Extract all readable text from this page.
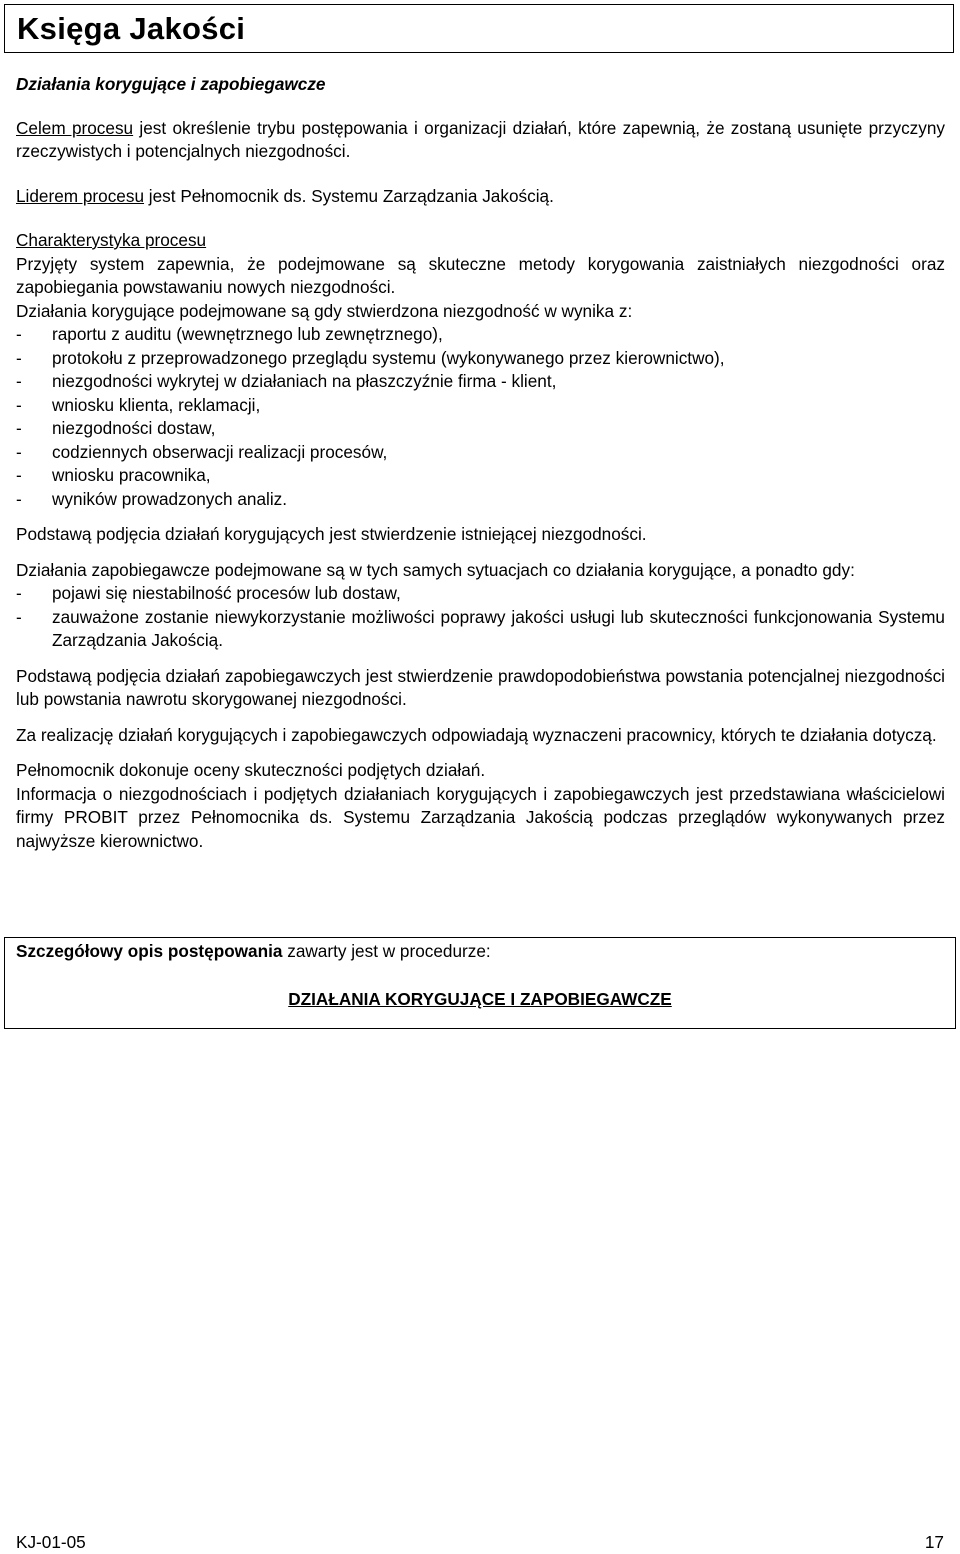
Księga Jakości
Działania korygujące i zapobiegawcze

Celem procesu jest określenie trybu postępowania i organizacji działań, które zapewnią, że zostaną usunięte przyczyny rzeczywistych i potencjalnych niezgodności.

Liderem procesu jest Pełnomocnik ds. Systemu Zarządzania Jakością.

Charakterystyka procesu

Przyjęty system zapewnia, że podejmowane są skuteczne metody korygowania zaistniałych niezgodności oraz zapobiegania powstawaniu nowych niezgodności.

Działania korygujące podejmowane są gdy stwierdzona niezgodność w wynika z:

- raportu z auditu (wewnętrznego lub zewnętrznego),
- protokołu z przeprowadzonego przeglądu systemu (wykonywanego przez kierownictwo),
- niezgodności wykrytej w działaniach na płaszczyźnie firma - klient,
- wniosku klienta, reklamacji,
- niezgodności dostaw,
- codziennych obserwacji realizacji procesów,
- wniosku pracownika,
- wyników prowadzonych analiz.

Podstawą podjęcia działań korygujących jest stwierdzenie istniejącej niezgodności.

Działania zapobiegawcze podejmowane są w tych samych sytuacjach co działania korygujące, a ponadto gdy:

- pojawi się niestabilność procesów lub dostaw,
- zauważone zostanie niewykorzystanie możliwości poprawy jakości usługi lub skuteczności funkcjonowania Systemu Zarządzania Jakością.

Podstawą podjęcia działań zapobiegawczych jest stwierdzenie prawdopodobieństwa powstania potencjalnej niezgodności lub powstania nawrotu skorygowanej niezgodności.

Za realizację działań korygujących i zapobiegawczych odpowiadają wyznaczeni pracownicy, których te działania dotyczą.

Pełnomocnik dokonuje oceny skuteczności podjętych działań.

Informacja o niezgodnościach i podjętych działaniach korygujących i zapobiegawczych jest przedstawiana właścicielowi firmy PROBIT przez Pełnomocnika ds. Systemu Zarządzania Jakością podczas przeglądów wykonywanych przez najwyższe kierownictwo.

Szczegółowy opis postępowania zawarty jest w procedurze:
DZIAŁANIA KORYGUJĄCE I ZAPOBIEGAWCZE
KJ-01-05	17
